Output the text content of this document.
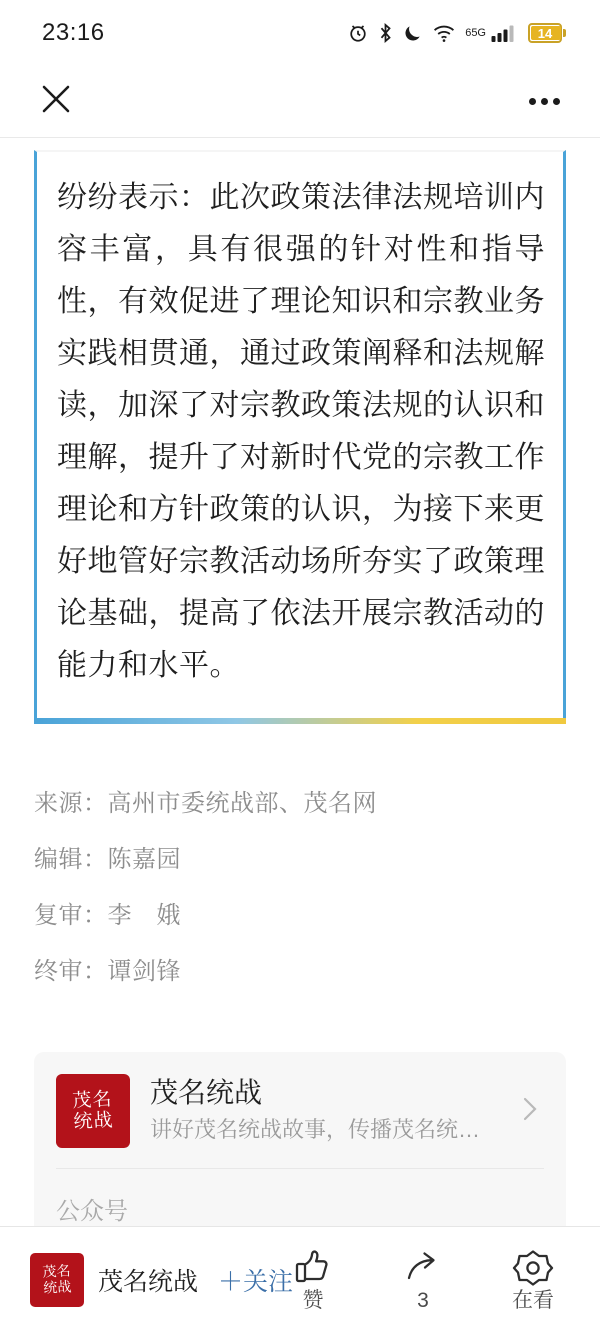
23:16	65G	14
纷纷表示：此次政策法律法规培训内容丰富，具有很强的针对性和指导性，有效促进了理论知识和宗教业务实践相贯通，通过政策阐释和法规解读，加深了对宗教政策法规的认识和理解，提升了对新时代党的宗教工作理论和方针政策的认识，为接下来更好地管好宗教活动场所夯实了政策理论基础，提高了依法开展宗教活动的能力和水平。
来源：高州市委统战部、茂名网
编辑：陈嘉园
复审：李　娥
终审：谭剑锋
茂名
统战
茂名统战
讲好茂名统战故事，传播茂名统…
公众号
茂名
统战 茂名统战 ＋关注
赞	3	在看
